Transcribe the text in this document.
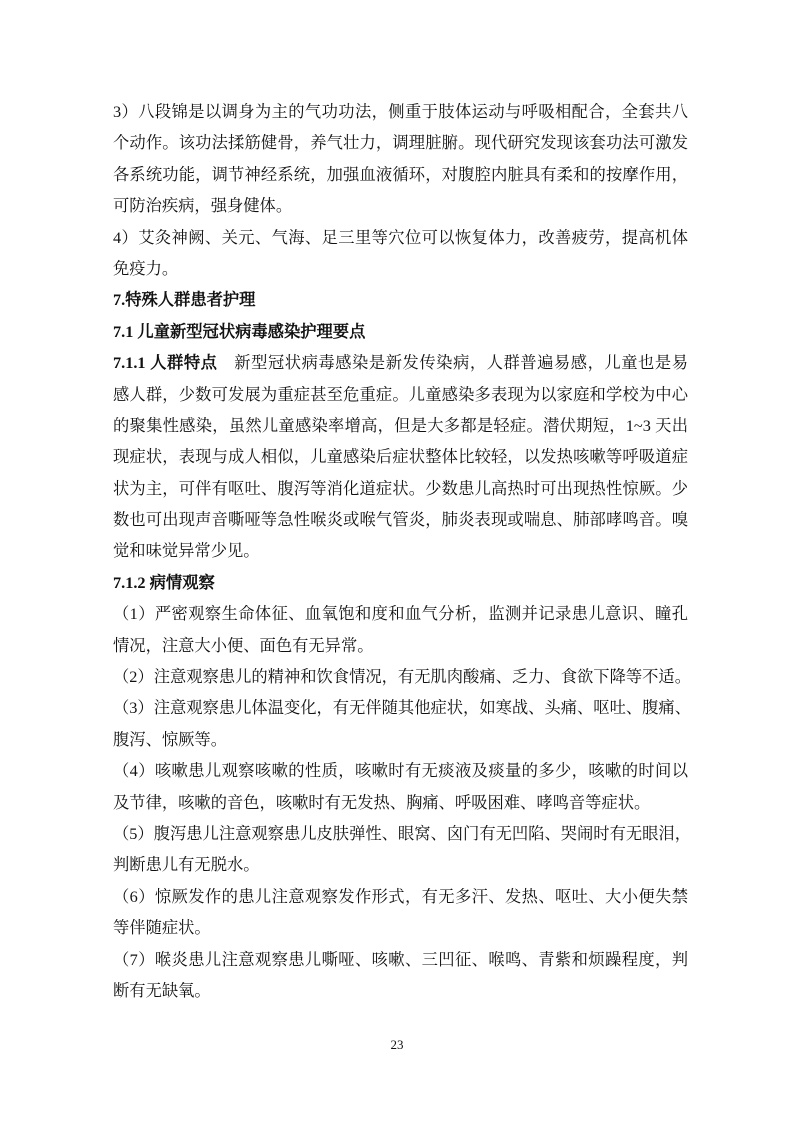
3）八段锦是以调身为主的气功功法，侧重于肢体运动与呼吸相配合，全套共八
个动作。该功法揉筋健骨，养气壮力，调理脏腑。现代研究发现该套功法可激发
各系统功能，调节神经系统，加强血液循环，对腹腔内脏具有柔和的按摩作用，
可防治疾病，强身健体。
4）艾灸神阙、关元、气海、足三里等穴位可以恢复体力，改善疲劳，提高机体
免疫力。
7.特殊人群患者护理
7.1 儿童新型冠状病毒感染护理要点
7.1.1 人群特点　新型冠状病毒感染是新发传染病，人群普遍易感，儿童也是易
感人群，少数可发展为重症甚至危重症。儿童感染多表现为以家庭和学校为中心
的聚集性感染，虽然儿童感染率增高，但是大多都是轻症。潜伏期短，1~3 天出
现症状，表现与成人相似，儿童感染后症状整体比较轻，以发热咳嗽等呼吸道症
状为主，可伴有呕吐、腹泻等消化道症状。少数患儿高热时可出现热性惊厥。少
数也可出现声音嘶哑等急性喉炎或喉气管炎，肺炎表现或喘息、肺部哮鸣音。嗅
觉和味觉异常少见。
7.1.2 病情观察
（1）严密观察生命体征、血氧饱和度和血气分析，监测并记录患儿意识、瞳孔
情况，注意大小便、面色有无异常。
（2）注意观察患儿的精神和饮食情况，有无肌肉酸痛、乏力、食欲下降等不适。
（3）注意观察患儿体温变化，有无伴随其他症状，如寒战、头痛、呕吐、腹痛、
腹泻、惊厥等。
（4）咳嗽患儿观察咳嗽的性质，咳嗽时有无痰液及痰量的多少，咳嗽的时间以
及节律，咳嗽的音色，咳嗽时有无发热、胸痛、呼吸困难、哮鸣音等症状。
（5）腹泻患儿注意观察患儿皮肤弹性、眼窝、囟门有无凹陷、哭闹时有无眼泪，
判断患儿有无脱水。
（6）惊厥发作的患儿注意观察发作形式，有无多汗、发热、呕吐、大小便失禁
等伴随症状。
（7）喉炎患儿注意观察患儿嘶哑、咳嗽、三凹征、喉鸣、青紫和烦躁程度，判
断有无缺氧。
23
